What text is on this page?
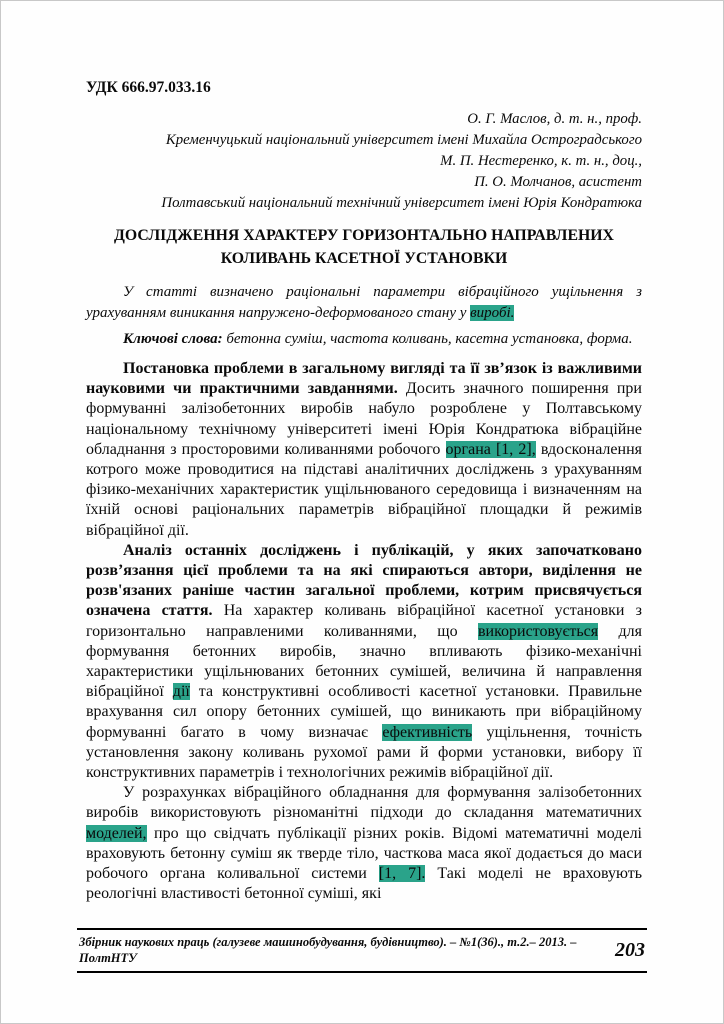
УДК 666.97.033.16
О. Г. Маслов, д. т. н., проф.
Кременчуцький національний університет імені Михайла Остроградського
М. П. Нестеренко, к. т. н., доц.,
П. О. Молчанов, асистент
Полтавський національний технічний університет імені Юрія Кондратюка
ДОСЛІДЖЕННЯ ХАРАКТЕРУ ГОРИЗОНТАЛЬНО НАПРАВЛЕНИХ
КОЛИВАНЬ КАСЕТНОЇ УСТАНОВКИ

У статті визначено раціональні параметри вібраційного ущільнення з урахуванням виникання напружено-деформованого стану у виробі.

Ключові слова: бетонна суміш, частота коливань, касетна установка, форма.

Постановка проблеми в загальному вигляді та її зв’язок із важливими науковими чи практичними завданнями. Досить значного поширення при формуванні залізобетонних виробів набуло розроблене у Полтавському національному технічному університеті імені Юрія Кондратюка вібраційне обладнання з просторовими коливаннями робочого органа [1, 2], вдосконалення котрого може проводитися на підставі аналітичних досліджень з урахуванням фізико-механічних характеристик ущільнюваного середовища і визначенням на їхній основі раціональних параметрів вібраційної площадки й режимів вібраційної дії.

Аналіз останніх досліджень і публікацій, у яких започатковано розв’язання цієї проблеми та на які спираються автори, виділення не розв'язаних раніше частин загальної проблеми, котрим присвячується означена стаття. На характер коливань вібраційної касетної установки з горизонтально направленими коливаннями, що використовується для формування бетонних виробів, значно впливають фізико-механічні характеристики ущільнюваних бетонних сумішей, величина й направлення вібраційної дії та конструктивні особливості касетної установки. Правильне врахування сил опору бетонних сумішей, що виникають при вібраційному формуванні багато в чому визначає ефективність ущільнення, точність установлення закону коливань рухомої рами й форми установки, вибору її конструктивних параметрів і технологічних режимів вібраційної дії.

У розрахунках вібраційного обладнання для формування залізобетонних виробів використовують різноманітні підходи до складання математичних моделей, про що свідчать публікації різних років. Відомі математичні моделі враховують бетонну суміш як тверде тіло, часткова маса якої додається до маси робочого органа коливальної системи [1, 7]. Такі моделі не враховують реологічні властивості бетонної суміші, які

Збірник наукових праць (галузеве машинобудування, будівництво). – №1(36)., т.2.– 2013. – ПолтНТУ	203
